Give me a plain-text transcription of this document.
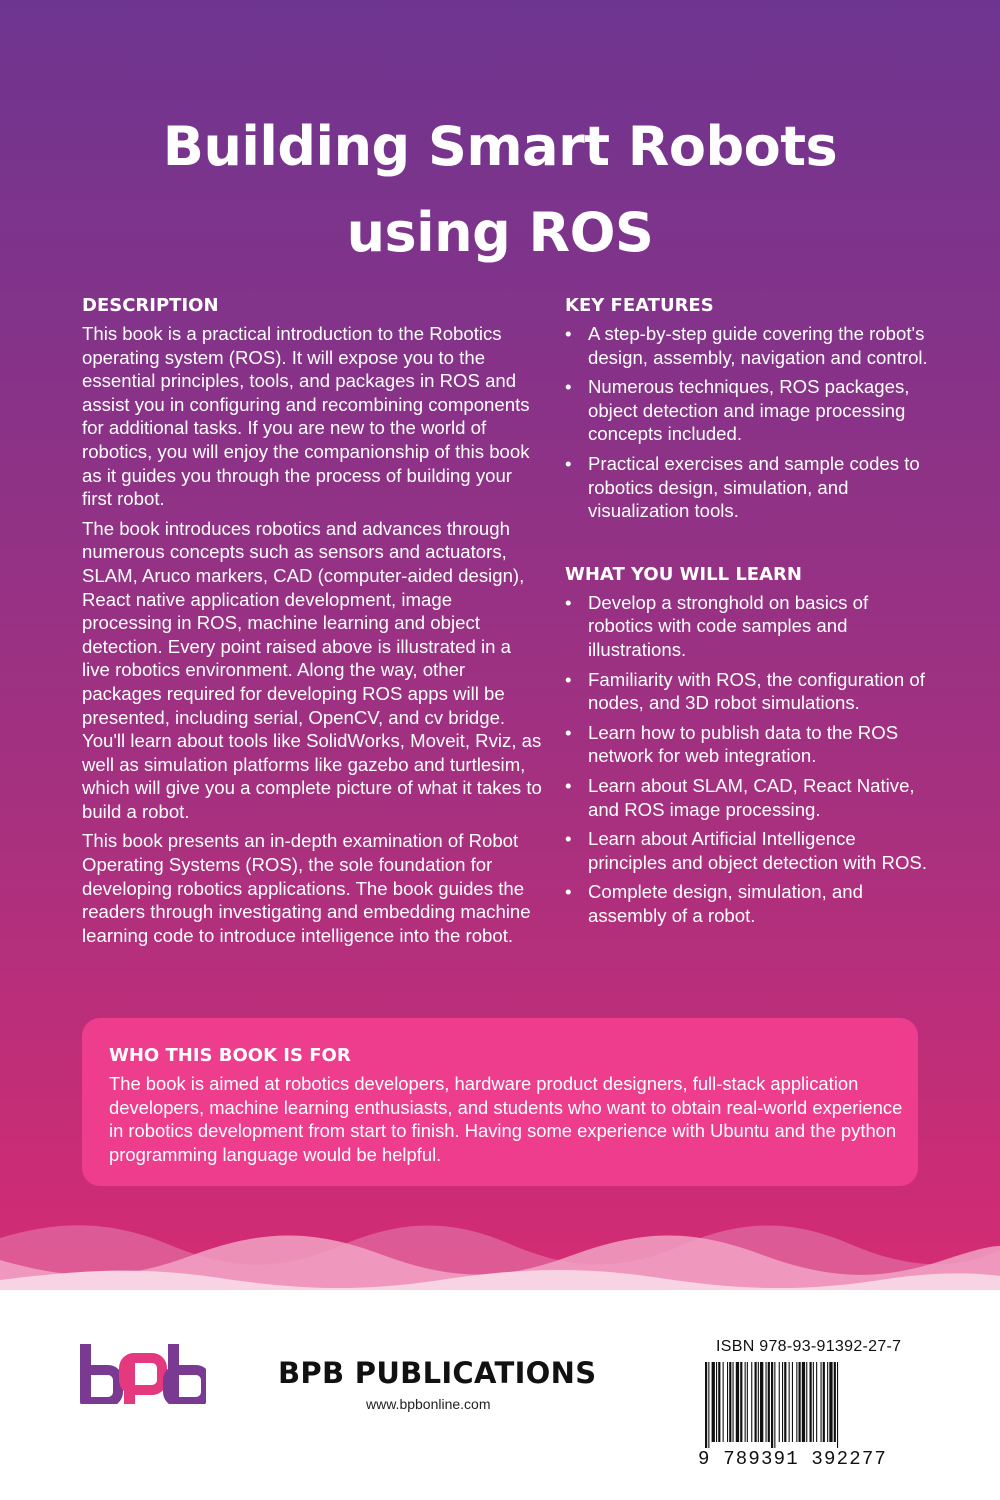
Building Smart Robots
using ROS
DESCRIPTION

This book is a practical introduction to the Robotics operating system (ROS). It will expose you to the essential principles, tools, and packages in ROS and assist you in configuring and recombining components for additional tasks. If you are new to the world of robotics, you will enjoy the companionship of this book as it guides you through the process of building your first robot.

The book introduces robotics and advances through numerous concepts such as sensors and actuators, SLAM, Aruco markers, CAD (computer-aided design), React native application development, image processing in ROS, machine learning and object detection. Every point raised above is illustrated in a live robotics environment. Along the way, other packages required for developing ROS apps will be presented, including serial, OpenCV, and cv bridge. You'll learn about tools like SolidWorks, Moveit, Rviz, as well as simulation platforms like gazebo and turtlesim, which will give you a complete picture of what it takes to build a robot.

This book presents an in-depth examination of Robot Operating Systems (ROS), the sole foundation for developing robotics applications. The book guides the readers through investigating and embedding machine learning code to introduce intelligence into the robot.

KEY FEATURES
• A step-by-step guide covering the robot's design, assembly, navigation and control.
• Numerous techniques, ROS packages, object detection and image processing concepts included.
• Practical exercises and sample codes to robotics design, simulation, and visualization tools.
WHAT YOU WILL LEARN
• Develop a stronghold on basics of robotics with code samples and illustrations.
• Familiarity with ROS, the configuration of nodes, and 3D robot simulations.
• Learn how to publish data to the ROS network for web integration.
• Learn about SLAM, CAD, React Native, and ROS image processing.
• Learn about Artificial Intelligence principles and object detection with ROS.
• Complete design, simulation, and assembly of a robot.
WHO THIS BOOK IS FOR

The book is aimed at robotics developers, hardware product designers, full-stack application developers, machine learning enthusiasts, and students who want to obtain real-world experience in robotics development from start to finish. Having some experience with Ubuntu and the python programming language would be helpful.

BPB PUBLICATIONS

www.bpbonline.com

ISBN 978-93-91392-27-7
9 789391 392277
